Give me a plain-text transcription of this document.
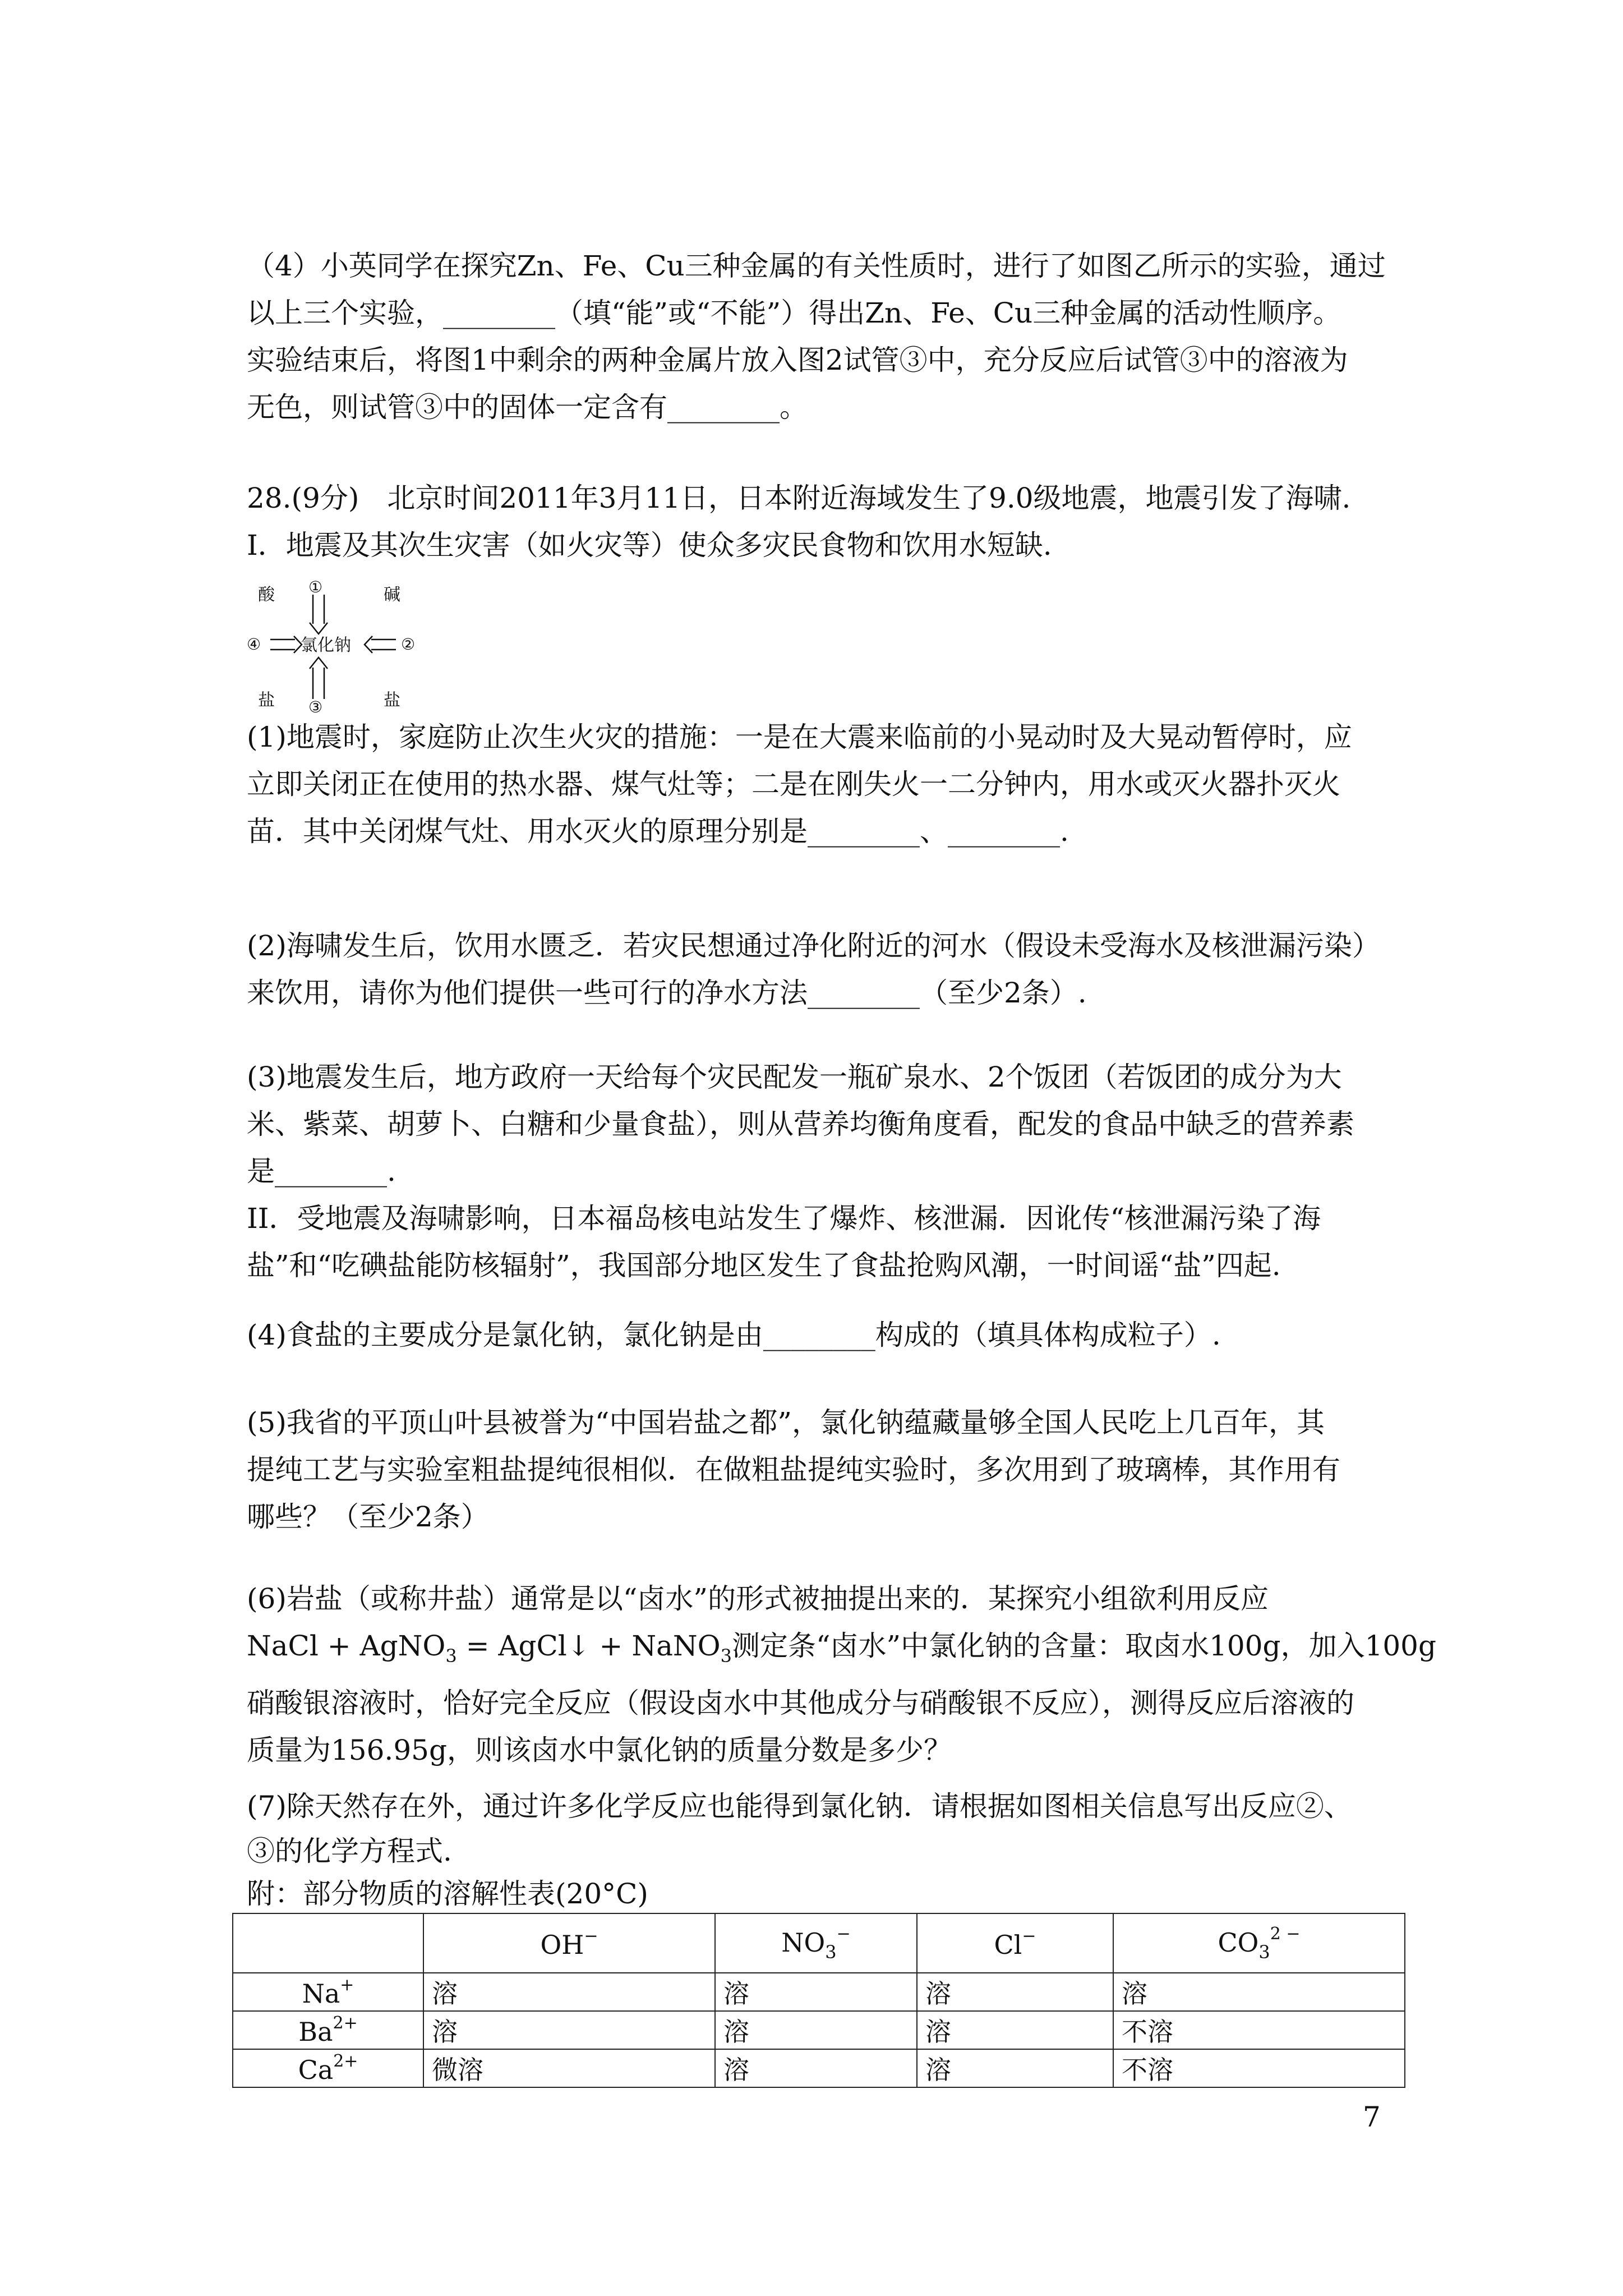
（4）小英同学在探究Zn、Fe、Cu三种金属的有关性质时，进行了如图乙所示的实验，通过
以上三个实验，________（填“能”或“不能”）得出Zn、Fe、Cu三种金属的活动性顺序。
实验结束后，将图1中剩余的两种金属片放入图2试管③中，充分反应后试管③中的溶液为
无色，则试管③中的固体一定含有________。
28.(9分)　北京时间2011年3月11日，日本附近海域发生了9.0级地震，地震引发了海啸.
I．地震及其次生灾害（如火灾等）使众多灾民食物和饮用水短缺.
酸	碱
盐	盐
①
②
③
④ 氯化钠
(1)地震时，家庭防止次生火灾的措施：一是在大震来临前的小晃动时及大晃动暂停时，应
立即关闭正在使用的热水器、煤气灶等；二是在刚失火一二分钟内，用水或灭火器扑灭火
苗．其中关闭煤气灶、用水灭火的原理分别是________、________.
(2)海啸发生后，饮用水匮乏．若灾民想通过净化附近的河水（假设未受海水及核泄漏污染）
来饮用，请你为他们提供一些可行的净水方法________（至少2条）.
(3)地震发生后，地方政府一天给每个灾民配发一瓶矿泉水、2个饭团（若饭团的成分为大
米、紫菜、胡萝卜、白糖和少量食盐），则从营养均衡角度看，配发的食品中缺乏的营养素
是________.
II．受地震及海啸影响，日本福岛核电站发生了爆炸、核泄漏．因讹传“核泄漏污染了海
盐”和“吃碘盐能防核辐射”，我国部分地区发生了食盐抢购风潮，一时间谣“盐”四起.
(4)食盐的主要成分是氯化钠，氯化钠是由________构成的（填具体构成粒子）.
(5)我省的平顶山叶县被誉为“中国岩盐之都”，氯化钠蕴藏量够全国人民吃上几百年，其
提纯工艺与实验室粗盐提纯很相似．在做粗盐提纯实验时，多次用到了玻璃棒，其作用有
哪些？（至少2条）
(6)岩盐（或称井盐）通常是以“卤水”的形式被抽提出来的．某探究小组欲利用反应
NaCl + AgNO$_3$ = AgCl↓ + NaNO$_3$测定条“卤水”中氯化钠的含量：取卤水100g，加入100g
硝酸银溶液时，恰好完全反应（假设卤水中其他成分与硝酸银不反应），测得反应后溶液的
质量为156.95g，则该卤水中氯化钠的质量分数是多少？
(7)除天然存在外，通过许多化学反应也能得到氯化钠．请根据如图相关信息写出反应②、
③的化学方程式.
附：部分物质的溶解性表(20°C)
	OH−	$NO_3^-$	Cl−	$CO_3^{2 -}$
Na+	溶	溶	溶	溶
$Ba^{2+}$	溶	溶	溶	不溶
$Ca^{2+}$	微溶	溶	溶	不溶
7
